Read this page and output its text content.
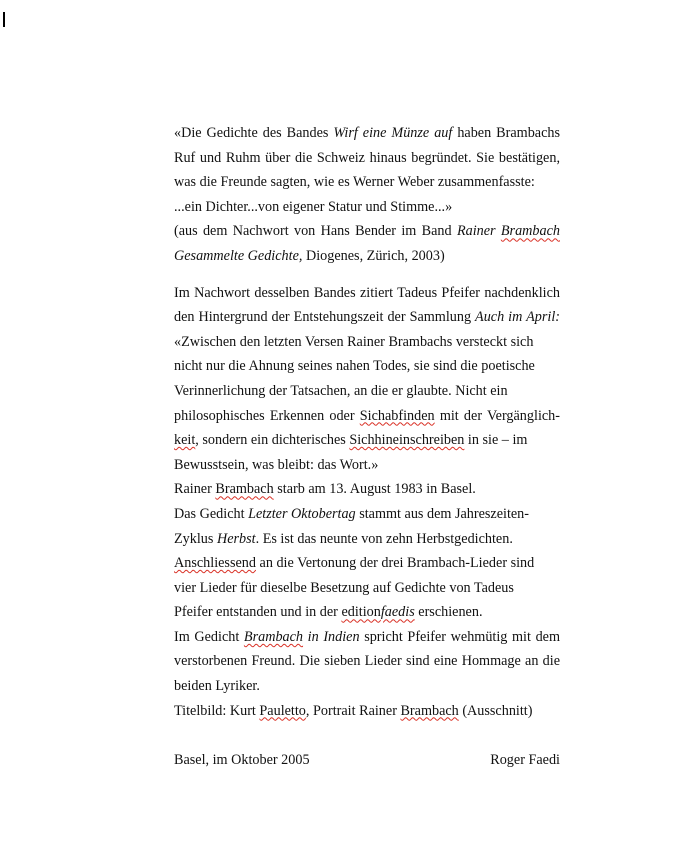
«Die Gedichte des Bandes Wirf eine Münze auf haben Brambachs
Ruf und Ruhm über die Schweiz hinaus begründet. Sie bestätigen,
was die Freunde sagten, wie es Werner Weber zusammenfasste:
...ein Dichter...von eigener Statur und Stimme...»
(aus dem Nachwort von Hans Bender im Band Rainer Brambach
Gesammelte Gedichte, Diogenes, Zürich, 2003)
Im Nachwort desselben Bandes zitiert Tadeus Pfeifer nachdenklich
den Hintergrund der Entstehungszeit der Sammlung Auch im April:
«Zwischen den letzten Versen Rainer Brambachs versteckt sich
nicht nur die Ahnung seines nahen Todes, sie sind die poetische
Verinnerlichung der Tatsachen, an die er glaubte. Nicht ein
philosophisches Erkennen oder Sichabfinden mit der Vergänglich-
keit, sondern ein dichterisches Sichhineinschreiben in sie – im
Bewusstsein, was bleibt: das Wort.»
Rainer Brambach starb am 13. August 1983 in Basel.
Das Gedicht Letzter Oktobertag stammt aus dem Jahreszeiten-
Zyklus Herbst. Es ist das neunte von zehn Herbstgedichten.
Anschliessend an die Vertonung der drei Brambach-Lieder sind
vier Lieder für dieselbe Besetzung auf Gedichte von Tadeus
Pfeifer entstanden und in der editionfaedis erschienen.
Im Gedicht Brambach in Indien spricht Pfeifer wehmütig mit dem
verstorbenen Freund. Die sieben Lieder sind eine Hommage an die
beiden Lyriker.
Titelbild: Kurt Pauletto, Portrait Rainer Brambach (Ausschnitt)
Basel, im Oktober 2005	Roger Faedi
